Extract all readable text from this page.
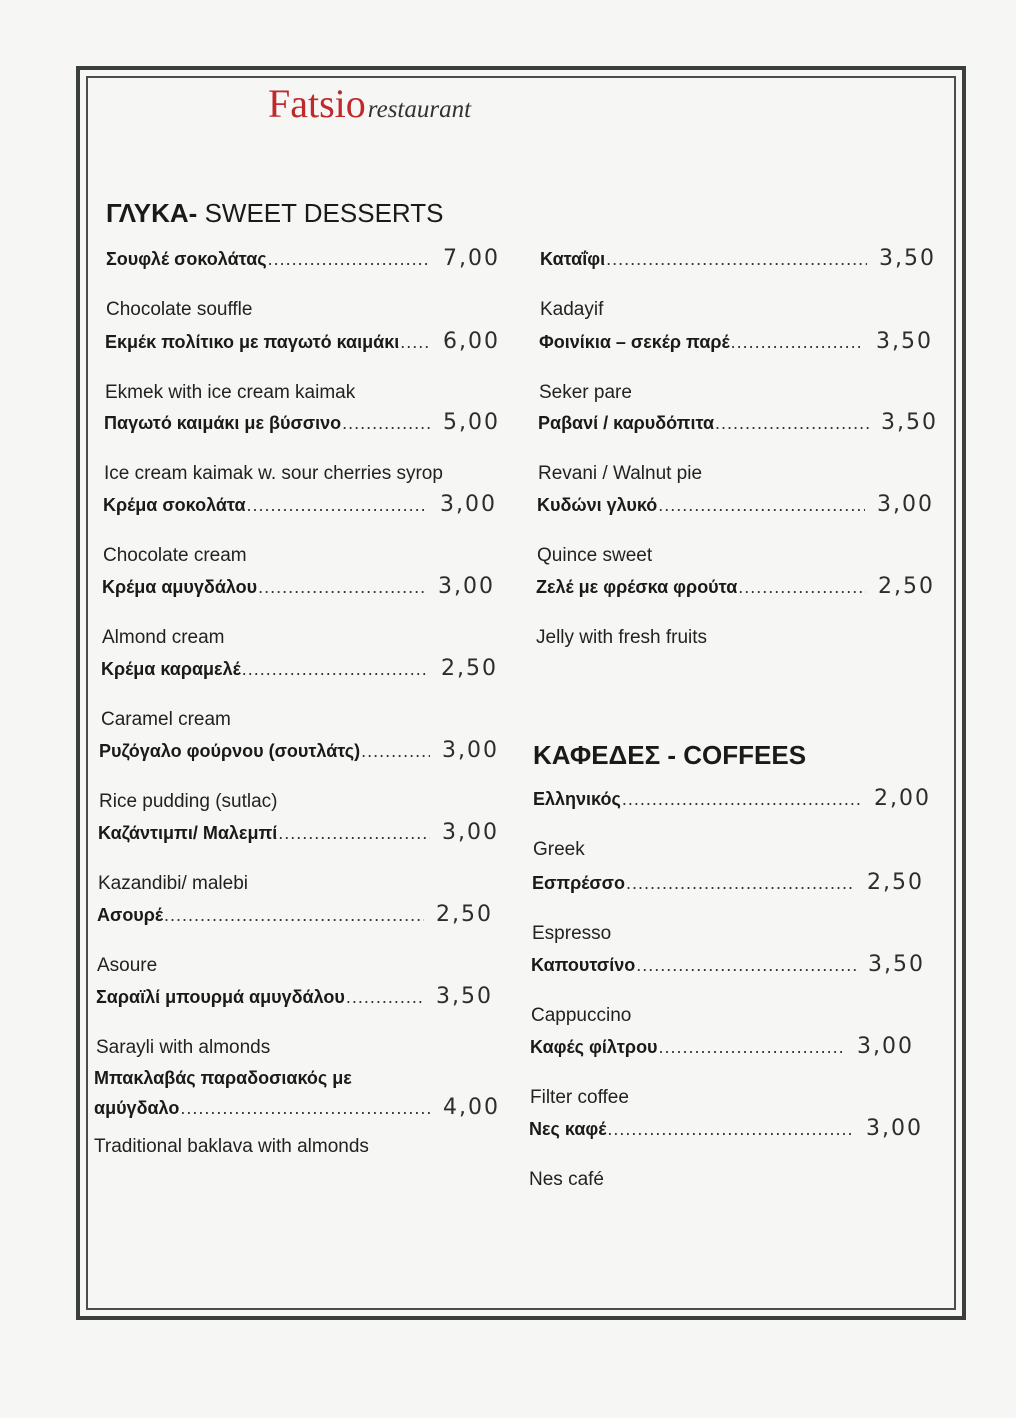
Fatsiorestaurant
ΓΛΥΚΑ- SWEET DESSERTS
Σουφλέ σοκολάτας .....	7,00
Chocolate souffle
Εκμέκ πολίτικο με παγωτό καιμάκι ..... 6,00
Ekmek with ice cream kaimak
Παγωτό καιμάκι με βύσσινο .....	5,00
Ice cream kaimak w. sour cherries syrop
Κρέμα σοκολάτα .....	3,00
Chocolate cream
Κρέμα αμυγδάλου .....	3,00
Almond cream
Κρέμα καραμελέ .....	2,50
Caramel cream
Ρυζόγαλο φούρνου (σουτλάτς) .....	3,00
Rice pudding (sutlac)
Καζάντιμπι/ Μαλεμπί .....	3,00
Kazandibi/ malebi
Ασουρέ .....	2,50
Asoure
Σαραϊλί μπουρμά αμυγδάλου .....	3,50
Sarayli with almonds
Μπακλαβάς παραδοσιακός με
αμύγδαλο .....	4,00
Traditional baklava with almonds
Καταΐφι .....	3,50
Kadayif
Φοινίκια – σεκέρ παρέ .....	3,50
Seker pare
Ραβανί / καρυδόπιτα .....	3,50
Revani / Walnut pie
Κυδώνι γλυκό .....	3,00
Quince sweet
Ζελέ με φρέσκα φρούτα .....	2,50
Jelly with fresh fruits
ΚΑΦΕΔΕΣ - COFFEES
Ελληνικός .....	2,00
Greek
Εσπρέσσο .....	2,50
Espresso
Καπουτσίνο .....	3,50
Cappuccino
Καφές φίλτρου .....	3,00
Filter coffee
Νες καφέ .....	3,00
Nes café
